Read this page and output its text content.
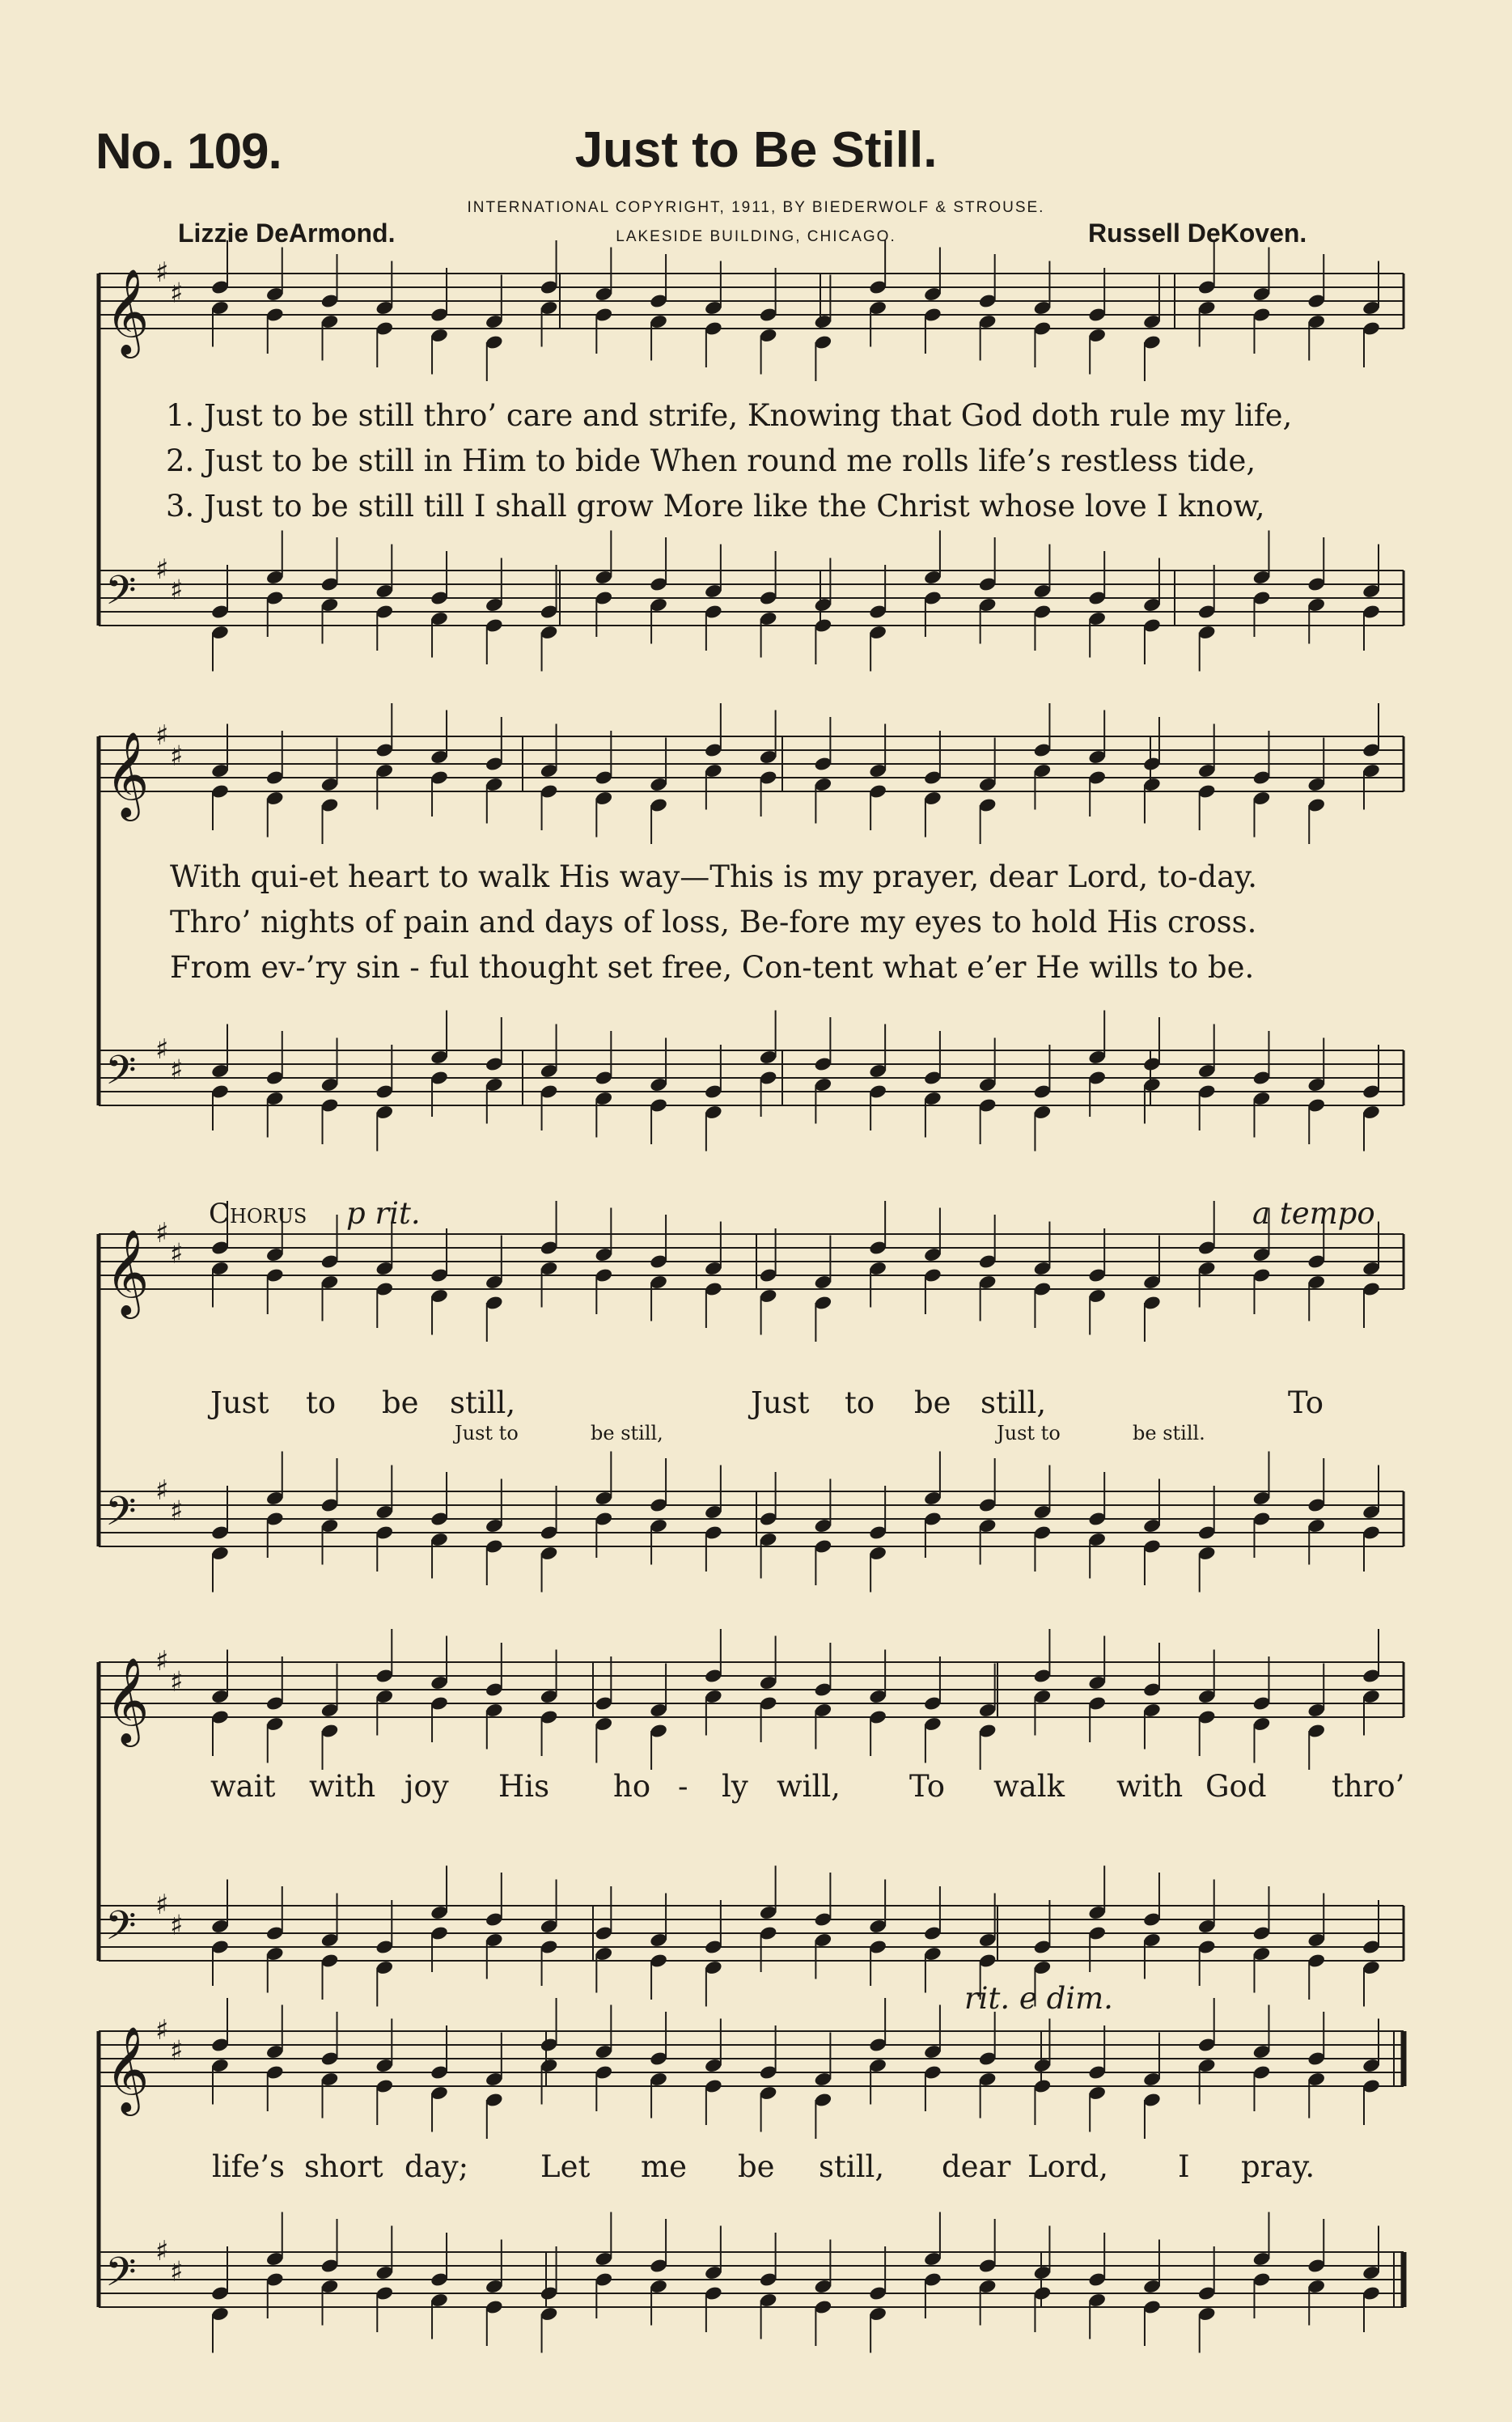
No. 109.	Just to Be Still.
INTERNATIONAL COPYRIGHT, 1911, BY BIEDERWOLF & STROUSE.
LAKESIDE BUILDING, CHICAGO.
Lizzie DeArmond.	Russell DeKoven.
𝄞 ♯
♯
𝄢 ♯
♯
𝄞 ♯
♯
𝄢 ♯
♯
𝄞 ♯
♯
𝄢 ♯
♯
𝄞 ♯
♯
𝄢 ♯
♯
𝄞 ♯
♯
𝄢 ♯
♯
1. Just to be still thro’ care and strife, Knowing that God doth rule my life,
2. Just to be still in Him to bide When round me rolls life’s restless tide,
3. Just to be still till I shall grow More like the Christ whose love I know,
With qui-et heart to walk His way—This is my prayer, dear Lord, to-day.
Thro’ nights of pain and days of loss, Be-fore my eyes to hold His cross.
From ev-’ry sin - ful thought set free, Con-tent what e’er He wills to be.
Chorus p rit.	a tempo
Just to be still,	Just to be still,	To
Just to	be still,	Just to	be still.
wait with joy His ho - ly will, To walk with God thro’
rit. e dim.
life’s short day; Let me be still, dear Lord, I pray.
